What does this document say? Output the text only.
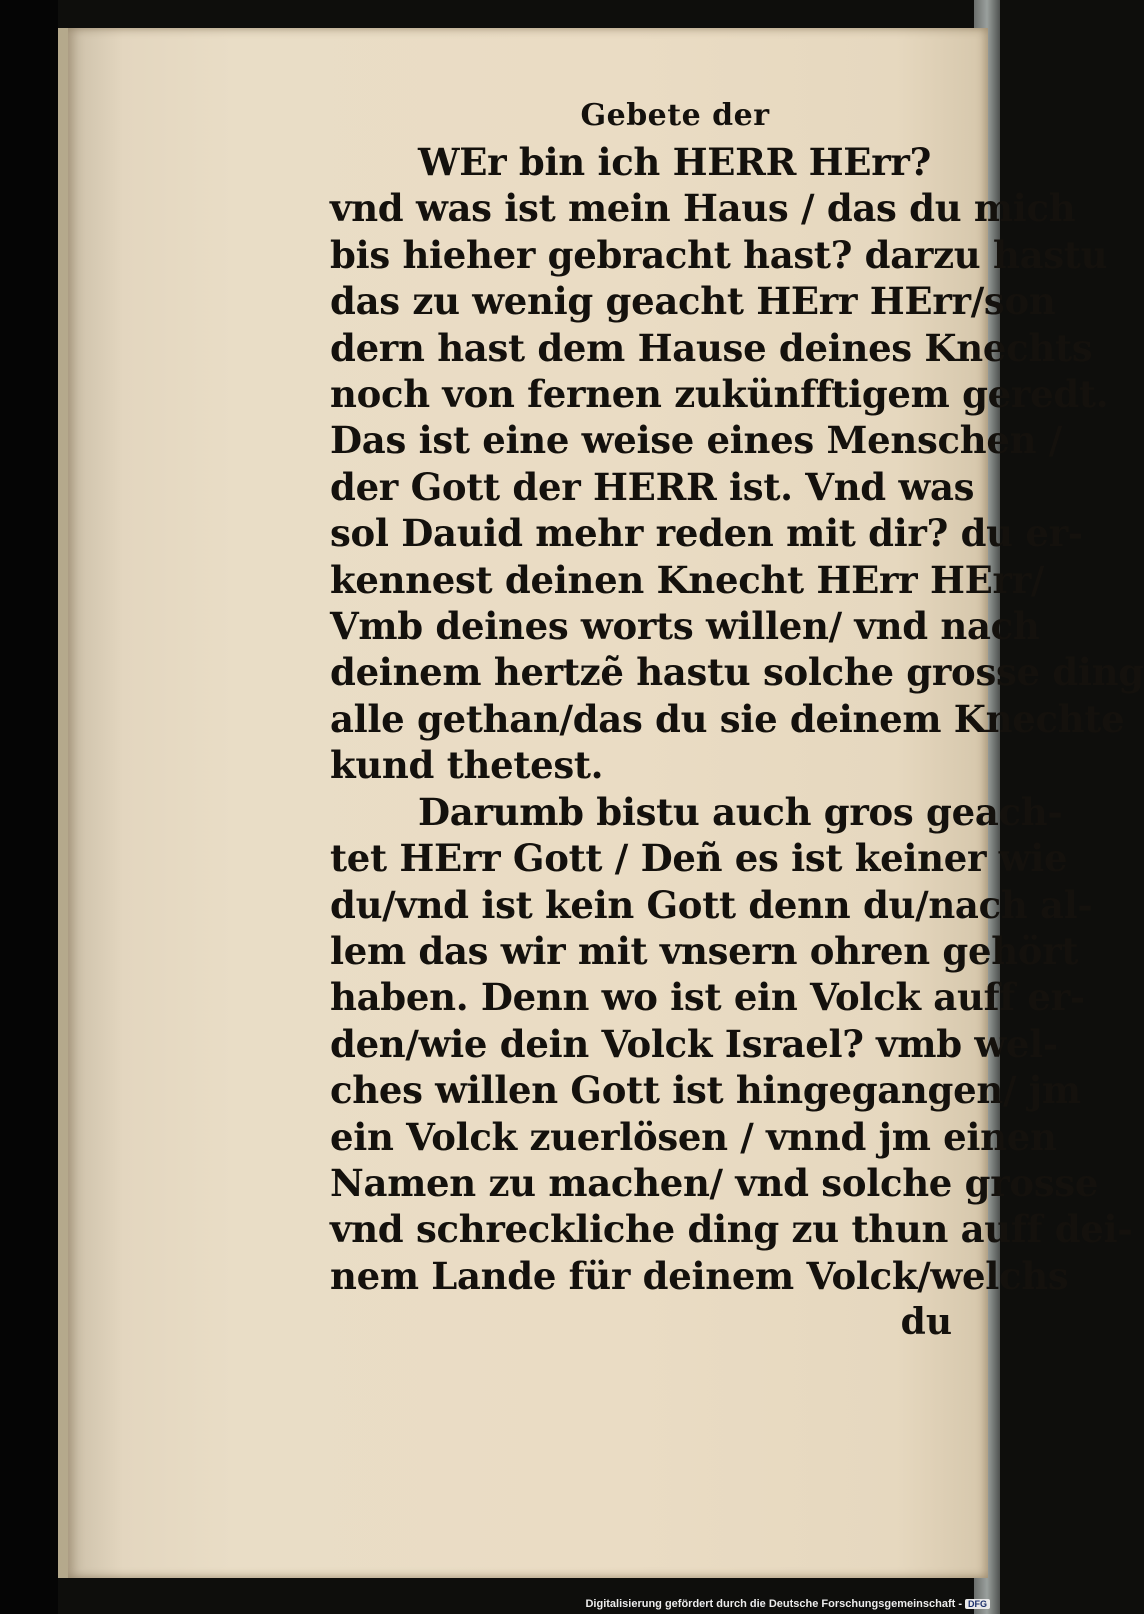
Gebete der
WEr bin ich HERR HErr?
vnd was ist mein Haus / das du mich
bis hieher gebracht hast? darzu hastu
das zu wenig geacht HErr HErr/son
dern hast dem Hause deines Knechts
noch von fernen zukünfftigem geredt.
Das ist eine weise eines Menschen /
der Gott der HERR ist. Vnd was
sol Dauid mehr reden mit dir? du er-
kennest deinen Knecht HErr HErr/
Vmb deines worts willen/ vnd nach
deinem hertzẽ hastu solche grosse ding
alle gethan/das du sie deinem Knechte
kund thetest.
Darumb bistu auch gros geach-
tet HErr Gott / Deñ es ist keiner wie
du/vnd ist kein Gott denn du/nach al-
lem das wir mit vnsern ohren gehört
haben. Denn wo ist ein Volck auff er-
den/wie dein Volck Israel? vmb wel-
ches willen Gott ist hingegangen/ jm
ein Volck zuerlösen / vnnd jm einen
Namen zu machen/ vnd solche grosse
vnd schreckliche ding zu thun auff dei-
nem Lande für deinem Volck/welchs
du
Digitalisierung gefördert durch die Deutsche Forschungsgemeinschaft - DFG
